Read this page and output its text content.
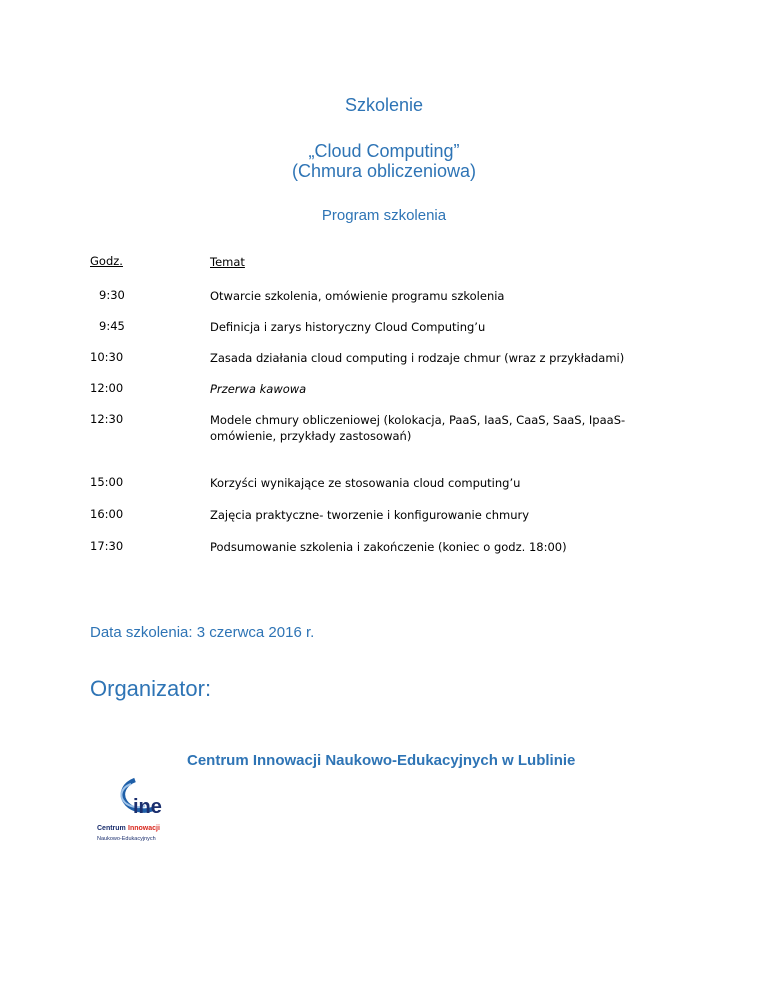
Szkolenie
„Cloud Computing”
(Chmura obliczeniowa)
Program szkolenia
Godz.	Temat
9:30	Otwarcie szkolenia, omówienie programu szkolenia
9:45	Definicja i zarys historyczny Cloud Computing’u
10:30	Zasada działania cloud computing i rodzaje chmur (wraz z przykładami)
12:00	Przerwa kawowa
12:30	Modele chmury obliczeniowej (kolokacja, PaaS, IaaS, CaaS, SaaS, IpaaS- omówienie, przykłady zastosowań)
15:00	Korzyści wynikające ze stosowania cloud computing’u
16:00	Zajęcia praktyczne- tworzenie i konfigurowanie chmury
17:30	Podsumowanie szkolenia i zakończenie (koniec o godz. 18:00)
Data szkolenia: 3 czerwca 2016 r.
Organizator:
Centrum Innowacji Naukowo-Edukacyjnych w Lublinie
ine
Centrum Innowacji
Naukowo-Edukacyjnych
